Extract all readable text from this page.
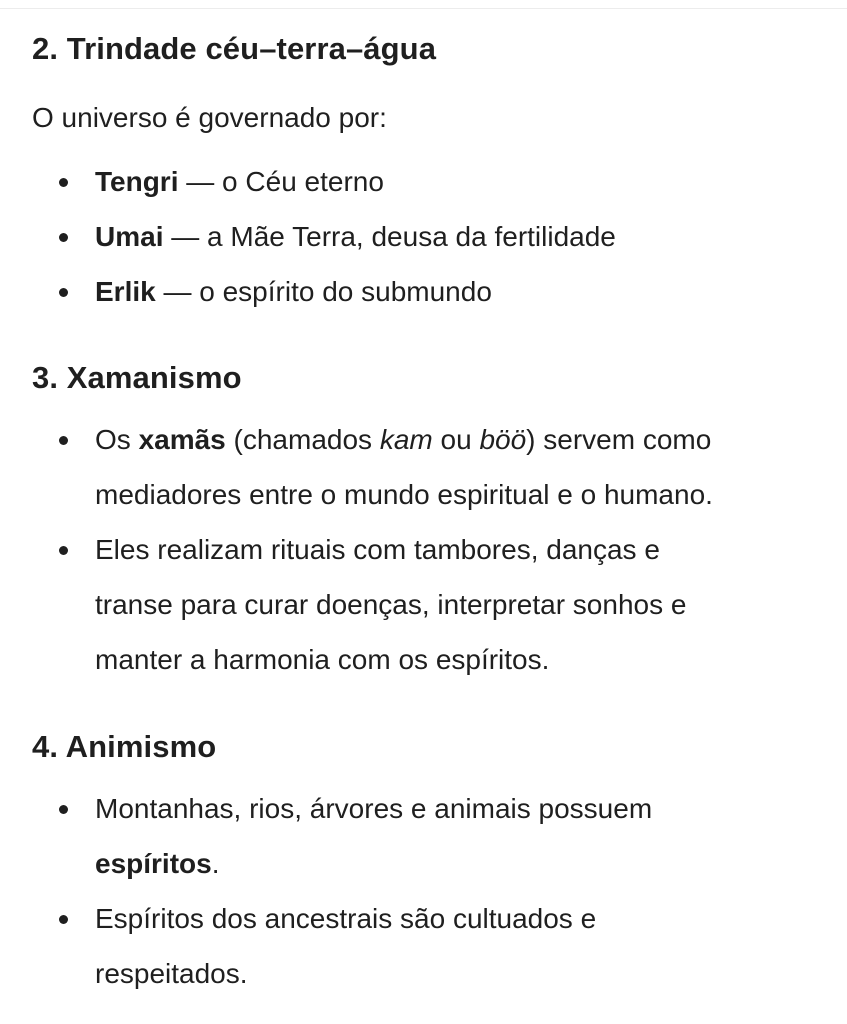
2. Trindade céu–terra–água

O universo é governado por:

Tengri — o Céu eterno
Umai — a Mãe Terra, deusa da fertilidade
Erlik — o espírito do submundo
3. Xamanismo
Os xamãs (chamados kam ou böö) servem como mediadores entre o mundo espiritual e o humano.
Eles realizam rituais com tambores, danças e transe para curar doenças, interpretar sonhos e manter a harmonia com os espíritos.
4. Animismo
Montanhas, rios, árvores e animais possuem espíritos.
Espíritos dos ancestrais são cultuados e respeitados.
